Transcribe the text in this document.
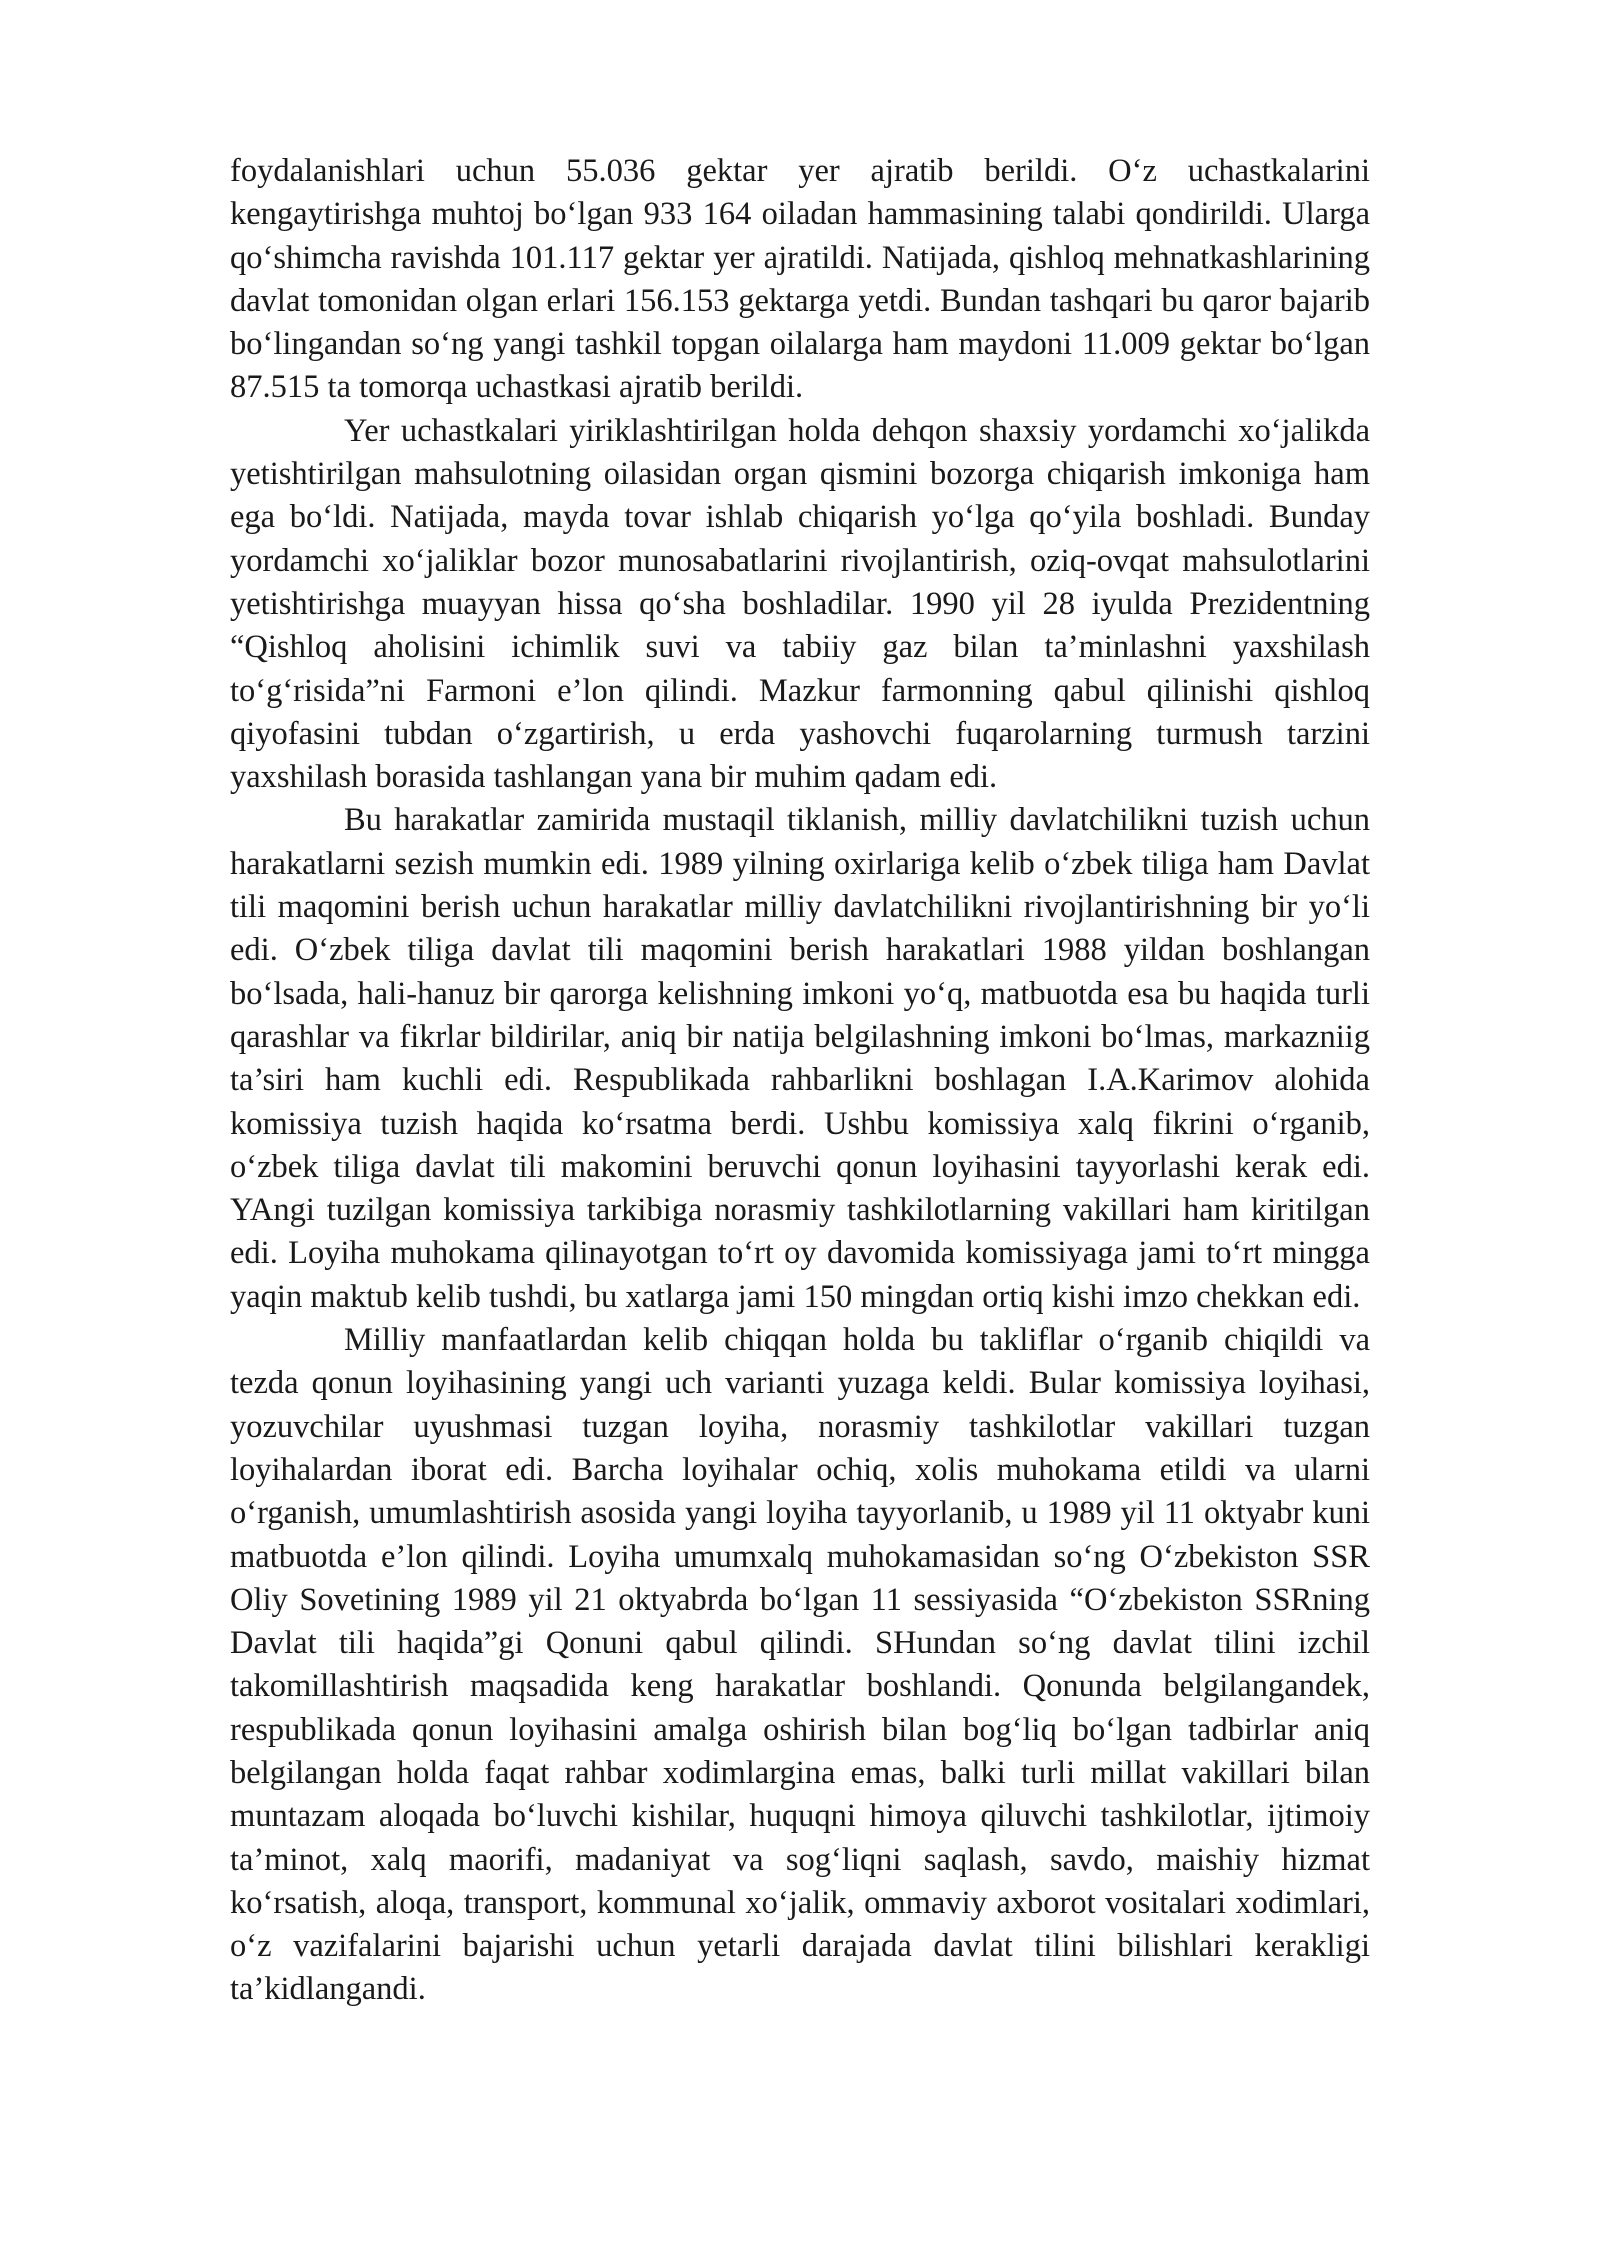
foydalanishlari uchun 55.036 gektar yer ajratib berildi. O‘z uchastkalarini kengaytirishga muhtoj bo‘lgan 933 164 oiladan hammasining talabi qondirildi. Ularga qo‘shimcha ravishda 101.117 gektar yer ajratildi. Natijada, qishloq mehnatkashlarining davlat tomonidan olgan erlari 156.153 gektarga yetdi. Bundan tashqari bu qaror bajarib bo‘lingandan so‘ng yangi tashkil topgan oilalarga ham maydoni 11.009 gektar bo‘lgan 87.515 ta tomorqa uchastkasi ajratib berildi.

Yer uchastkalari yiriklashtirilgan holda dehqon shaxsiy yordamchi xo‘jalikda yetishtirilgan mahsulotning oilasidan organ qismini bozorga chiqarish imkoniga ham ega bo‘ldi. Natijada, mayda tovar ishlab chiqarish yo‘lga qo‘yila boshladi. Bunday yordamchi xo‘jaliklar bozor munosabatlarini rivojlantirish, oziq-ovqat mahsulotlarini yetishtirishga muayyan hissa qo‘sha boshladilar. 1990 yil 28 iyulda Prezidentning “Qishloq aholisini ichimlik suvi va tabiiy gaz bilan ta’minlashni yaxshilash to‘g‘risida”ni Farmoni e’lon qilindi. Mazkur farmonning qabul qilinishi qishloq qiyofasini tubdan o‘zgartirish, u erda yashovchi fuqarolarning turmush tarzini yaxshilash borasida tashlangan yana bir muhim qadam edi.

Bu harakatlar zamirida mustaqil tiklanish, milliy davlatchilikni tuzish uchun harakatlarni sezish mumkin edi. 1989 yilning oxirlariga kelib o‘zbek tiliga ham Davlat tili maqomini berish uchun harakatlar milliy davlatchilikni rivojlantirishning bir yo‘li edi. O‘zbek tiliga davlat tili maqomini berish harakatlari 1988 yildan boshlangan bo‘lsada, hali-hanuz bir qarorga kelishning imkoni yo‘q, matbuotda esa bu haqida turli qarashlar va fikrlar bildirilar, aniq bir natija belgilashning imkoni bo‘lmas, markazniig ta’siri ham kuchli edi. Respublikada rahbarlikni boshlagan I.A.Karimov alohida komissiya tuzish haqida ko‘rsatma berdi. Ushbu komissiya xalq fikrini o‘rganib, o‘zbek tiliga davlat tili makomini beruvchi qonun loyihasini tayyorlashi kerak edi. YAngi tuzilgan komissiya tarkibiga norasmiy tashkilotlarning vakillari ham kiritilgan edi. Loyiha muhokama qilinayotgan to‘rt oy davomida komissiyaga jami to‘rt mingga yaqin maktub kelib tushdi, bu xatlarga jami 150 mingdan ortiq kishi imzo chekkan edi.

Milliy manfaatlardan kelib chiqqan holda bu takliflar o‘rganib chiqildi va tezda qonun loyihasining yangi uch varianti yuzaga keldi. Bular komissiya loyihasi, yozuvchilar uyushmasi tuzgan loyiha, norasmiy tashkilotlar vakillari tuzgan loyihalardan iborat edi. Barcha loyihalar ochiq, xolis muhokama etildi va ularni o‘rganish, umumlashtirish asosida yangi loyiha tayyorlanib, u 1989 yil 11 oktyabr kuni matbuotda e’lon qilindi. Loyiha umumxalq muhokamasidan so‘ng O‘zbekiston SSR Oliy Sovetining 1989 yil 21 oktyabrda bo‘lgan 11 sessiyasida “O‘zbekiston SSRning Davlat tili haqida”gi Qonuni qabul qilindi. SHundan so‘ng davlat tilini izchil takomillashtirish maqsadida keng harakatlar boshlandi. Qonunda belgilangandek, respublikada qonun loyihasini amalga oshirish bilan bog‘liq bo‘lgan tadbirlar aniq belgilangan holda faqat rahbar xodimlargina emas, balki turli millat vakillari bilan muntazam aloqada bo‘luvchi kishilar, huquqni himoya qiluvchi tashkilotlar, ijtimoiy ta’minot, xalq maorifi, madaniyat va sog‘liqni saqlash, savdo, maishiy hizmat ko‘rsatish, aloqa, transport, kommunal xo‘jalik, ommaviy axborot vositalari xodimlari, o‘z vazifalarini bajarishi uchun yetarli darajada davlat tilini bilishlari kerakligi ta’kidlangandi.
